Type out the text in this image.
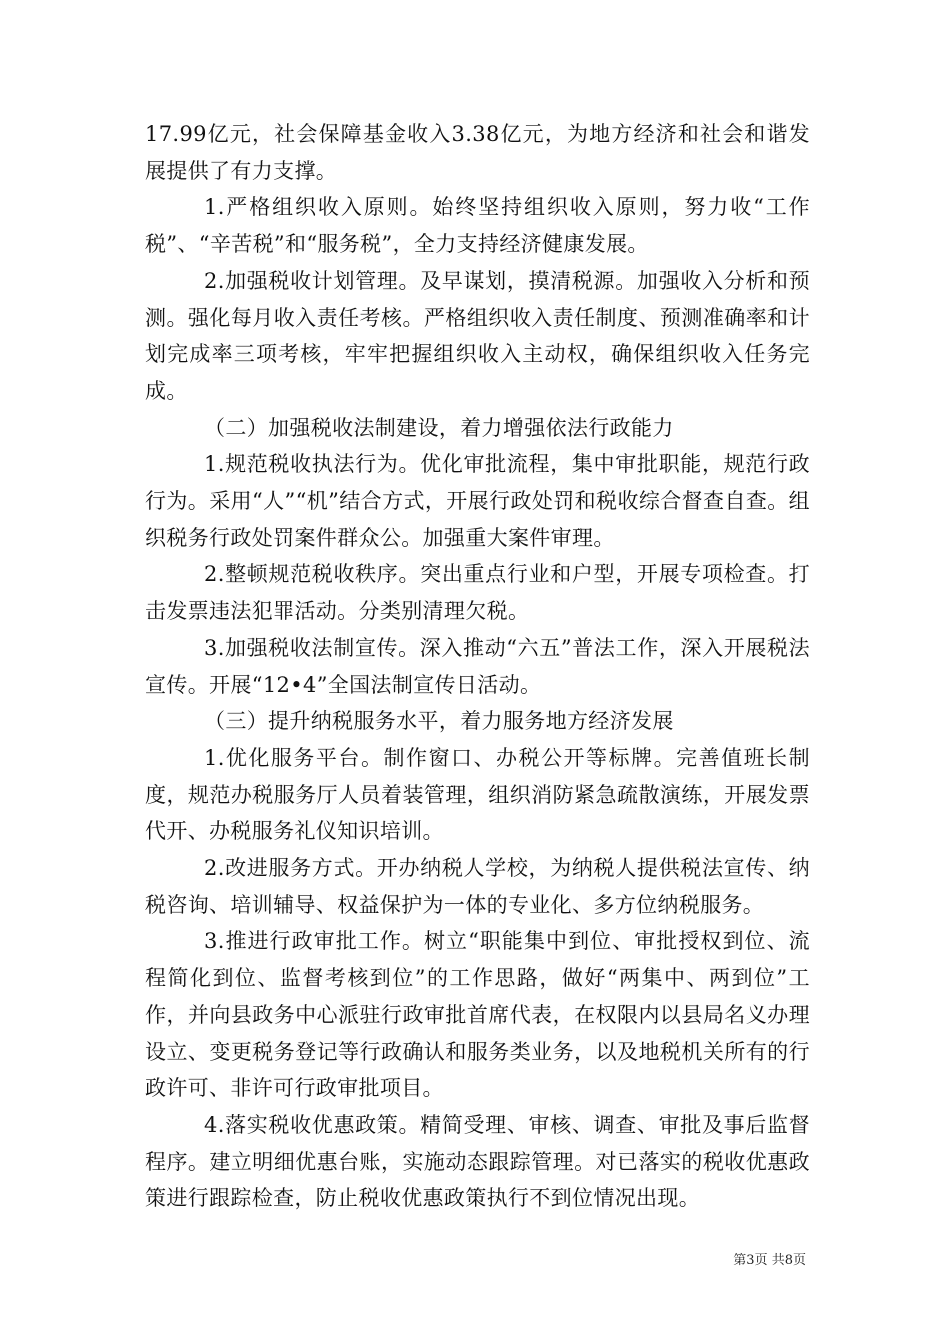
17.99亿元，社会保障基金收入3.38亿元，为地方经济和社会和谐发展提供了有力支撑。

1.严格组织收入原则。始终坚持组织收入原则，努力收“工作税”、“辛苦税”和“服务税”，全力支持经济健康发展。

2.加强税收计划管理。及早谋划，摸清税源。加强收入分析和预测。强化每月收入责任考核。严格组织收入责任制度、预测准确率和计划完成率三项考核，牢牢把握组织收入主动权，确保组织收入任务完成。

（二）加强税收法制建设，着力增强依法行政能力

1.规范税收执法行为。优化审批流程，集中审批职能，规范行政行为。采用“人”“机”结合方式，开展行政处罚和税收综合督查自查。组织税务行政处罚案件群众公。加强重大案件审理。

2.整顿规范税收秩序。突出重点行业和户型，开展专项检查。打击发票违法犯罪活动。分类别清理欠税。

3.加强税收法制宣传。深入推动“六五”普法工作，深入开展税法宣传。开展“12•4”全国法制宣传日活动。

（三）提升纳税服务水平，着力服务地方经济发展

1.优化服务平台。制作窗口、办税公开等标牌。完善值班长制度，规范办税服务厅人员着装管理，组织消防紧急疏散演练，开展发票代开、办税服务礼仪知识培训。

2.改进服务方式。开办纳税人学校，为纳税人提供税法宣传、纳税咨询、培训辅导、权益保护为一体的专业化、多方位纳税服务。

3.推进行政审批工作。树立“职能集中到位、审批授权到位、流程简化到位、监督考核到位”的工作思路，做好“两集中、两到位”工作，并向县政务中心派驻行政审批首席代表，在权限内以县局名义办理设立、变更税务登记等行政确认和服务类业务，以及地税机关所有的行政许可、非许可行政审批项目。

4.落实税收优惠政策。精简受理、审核、调查、审批及事后监督程序。建立明细优惠台账，实施动态跟踪管理。对已落实的税收优惠政策进行跟踪检查，防止税收优惠政策执行不到位情况出现。

第3页 共8页
